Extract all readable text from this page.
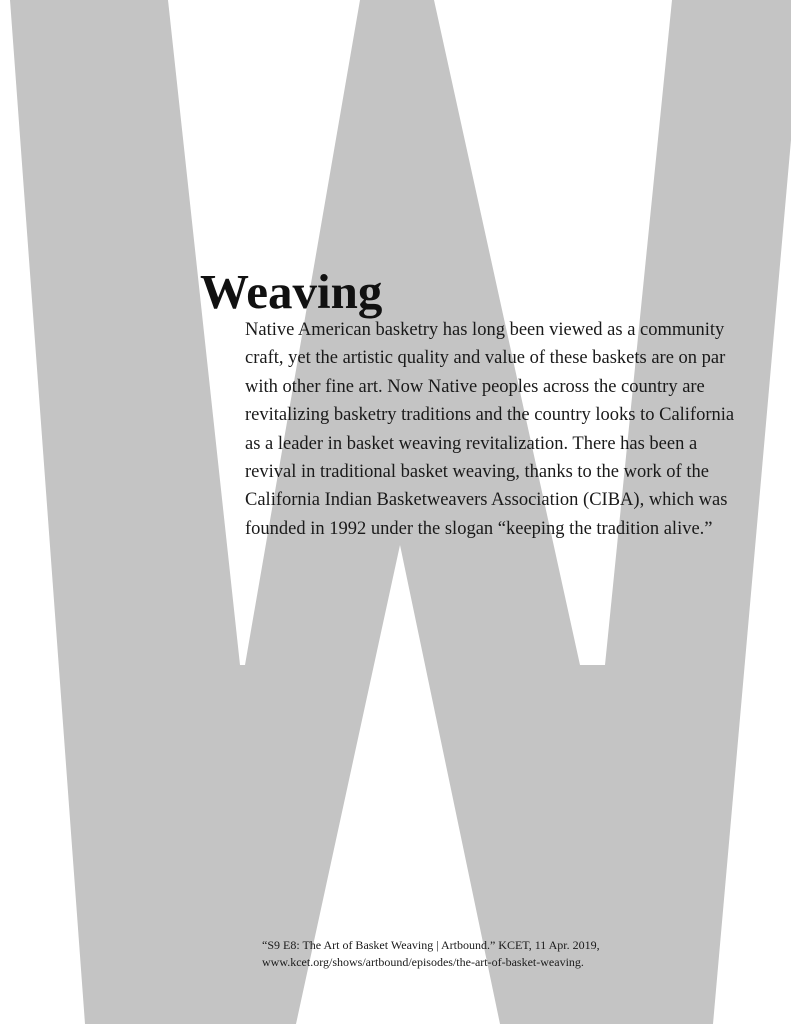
Weaving
Native American basketry has long been viewed as a community
craft, yet the artistic quality and value of these baskets are on par
with other fine art. Now Native peoples across the country are
revitalizing basketry traditions and the country looks to California
as a leader in basket weaving revitalization. There has been a
revival in traditional basket weaving, thanks to the work of the
California Indian Basketweavers Association (CIBA), which was
founded in 1992 under the slogan “keeping the tradition alive.”
“S9 E8: The Art of Basket Weaving | Artbound.” KCET, 11 Apr. 2019,
www.kcet.org/shows/artbound/episodes/the-art-of-basket-weaving.
